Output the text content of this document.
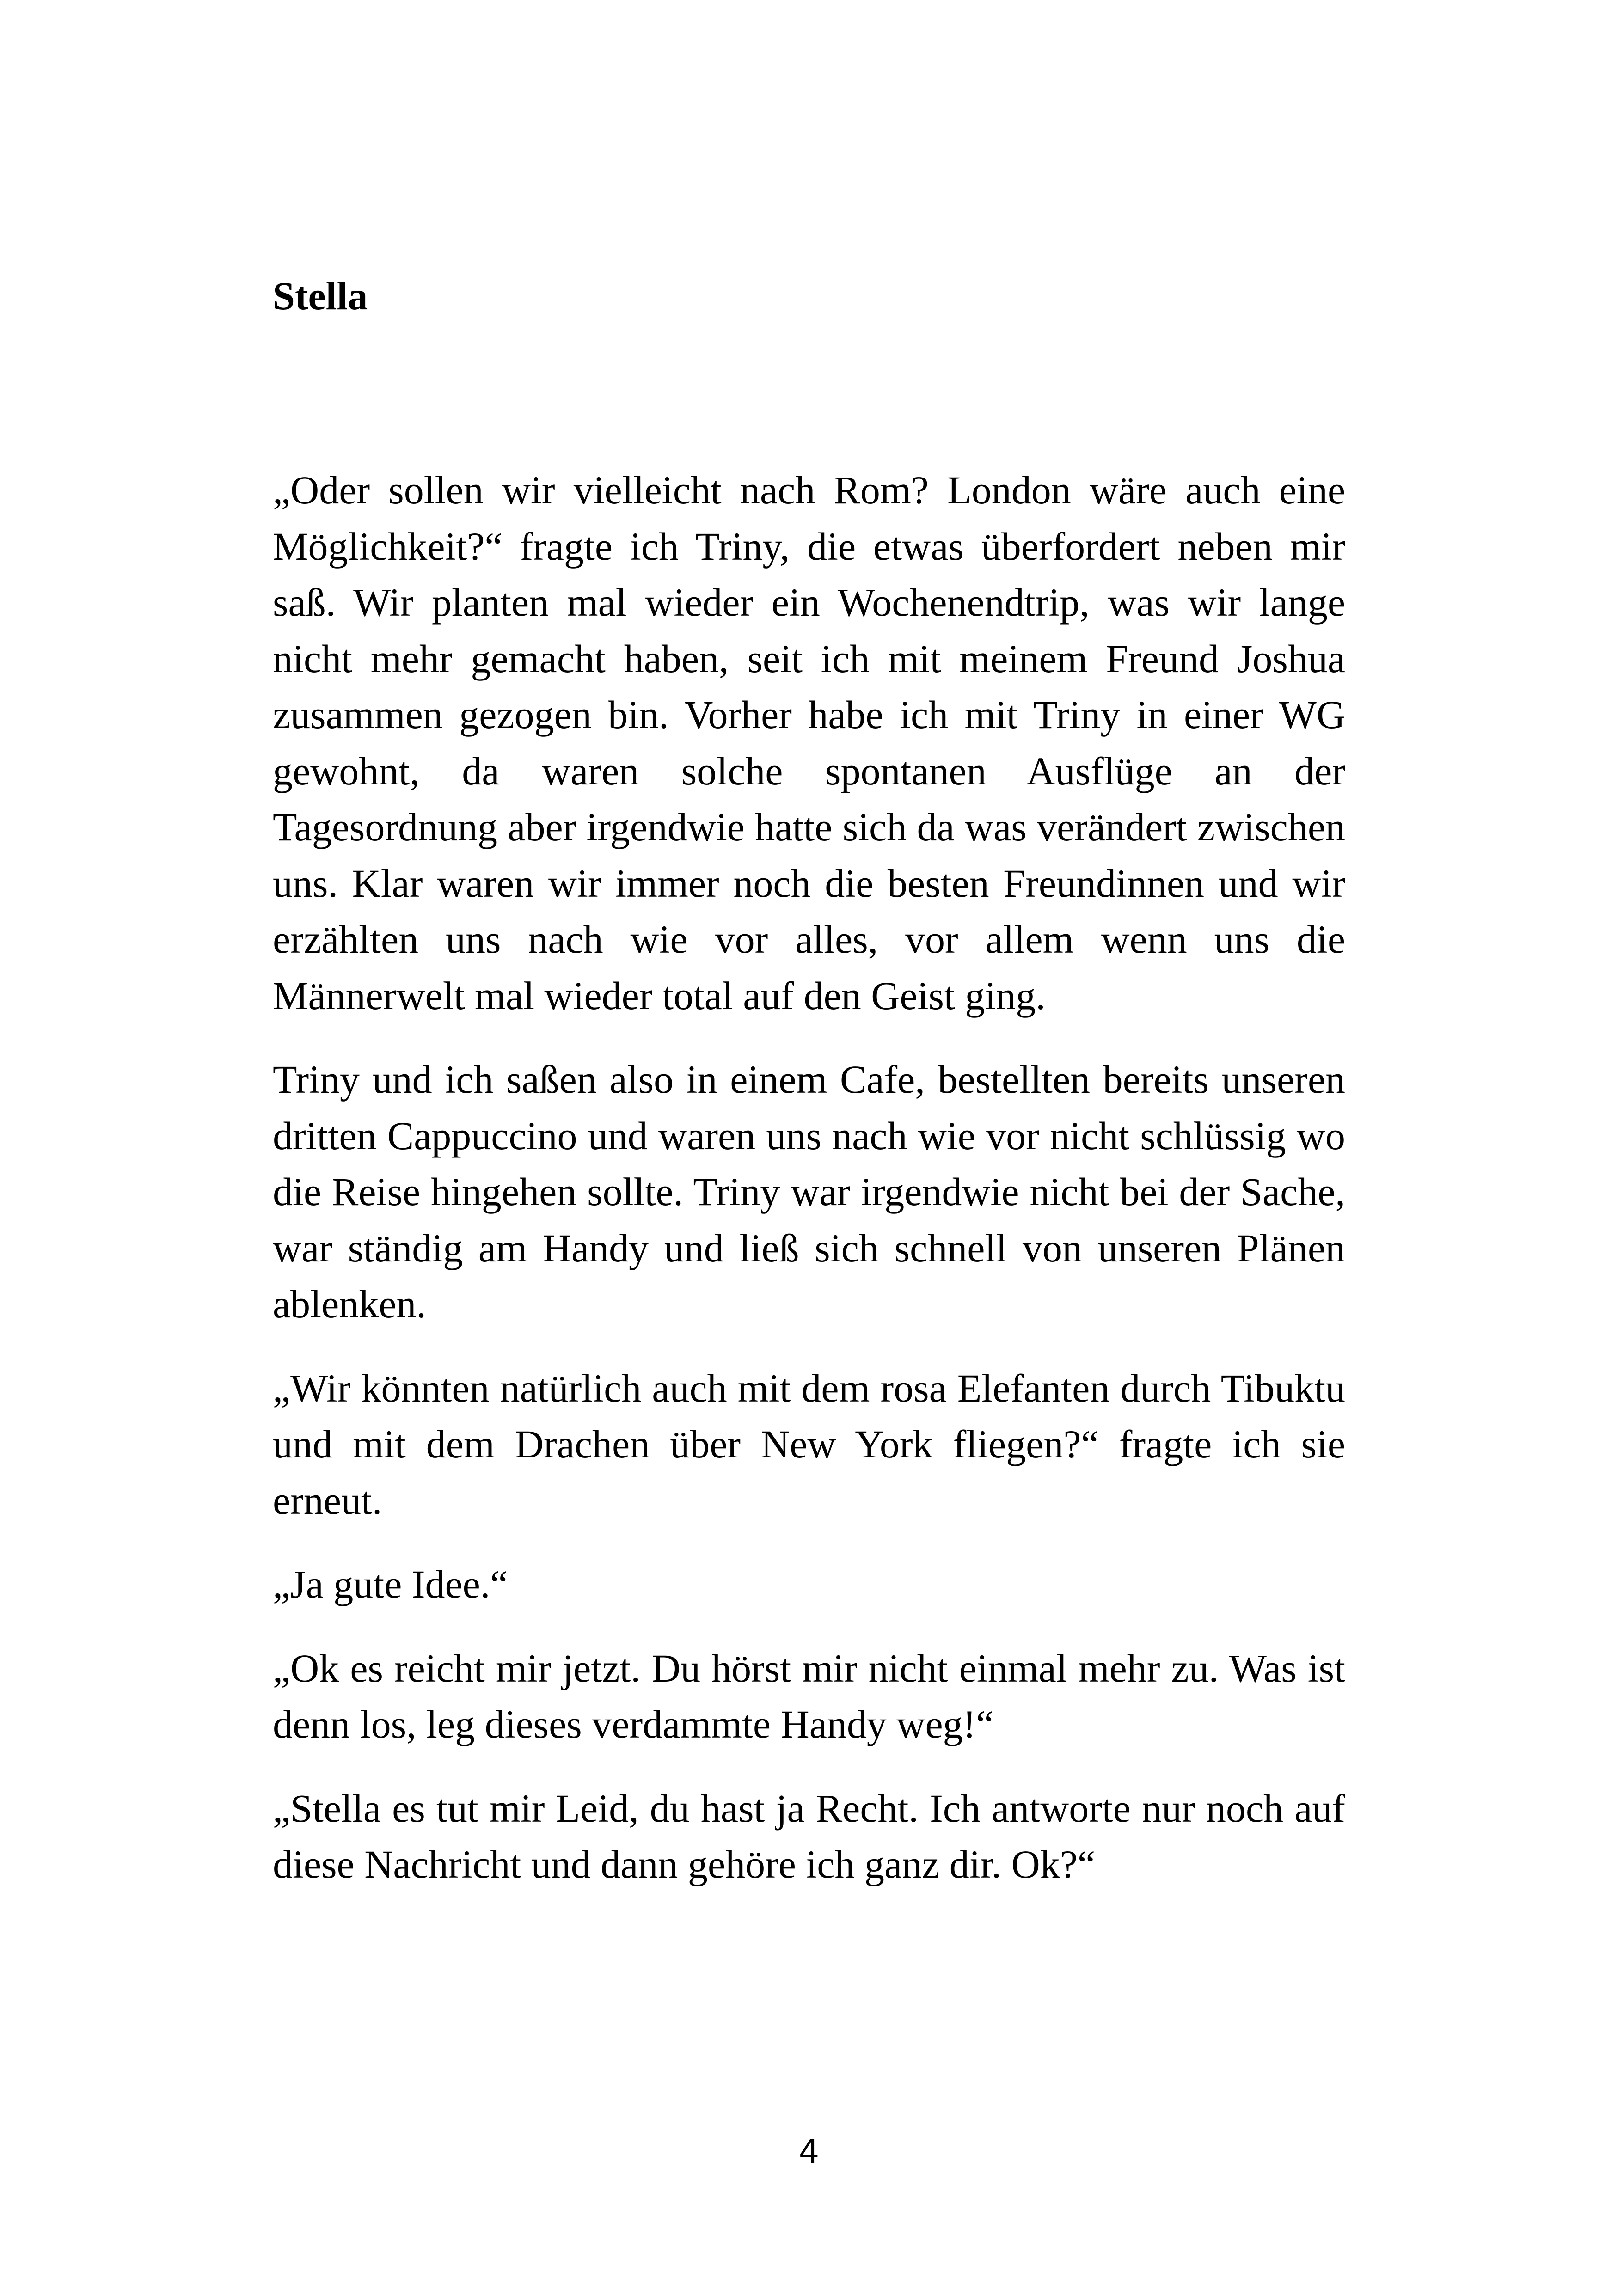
Stella

„Oder sollen wir vielleicht nach Rom? London wäre auch eine Möglichkeit?“ fragte ich Triny, die etwas überfordert neben mir saß. Wir planten mal wieder ein Wochenendtrip, was wir lange nicht mehr gemacht haben, seit ich mit meinem Freund Joshua zusammen gezogen bin. Vorher habe ich mit Triny in einer WG gewohnt, da waren solche spontanen Ausflüge an der Tagesordnung aber irgendwie hatte sich da was verändert zwischen uns. Klar waren wir immer noch die besten Freundinnen und wir erzählten uns nach wie vor alles, vor allem wenn uns die Männerwelt mal wieder total auf den Geist ging.

Triny und ich saßen also in einem Cafe, bestellten bereits unseren dritten Cappuccino und waren uns nach wie vor nicht schlüssig wo die Reise hingehen sollte. Triny war irgendwie nicht bei der Sache, war ständig am Handy und ließ sich schnell von unseren Plänen ablenken.

„Wir könnten natürlich auch mit dem rosa Elefanten durch Tibuktu und mit dem Drachen über New York fliegen?“ fragte ich sie erneut.

„Ja gute Idee.“

„Ok es reicht mir jetzt. Du hörst mir nicht einmal mehr zu. Was ist denn los, leg dieses verdammte Handy weg!“

„Stella es tut mir Leid, du hast ja Recht. Ich antworte nur noch auf diese Nachricht und dann gehöre ich ganz dir. Ok?“

4
